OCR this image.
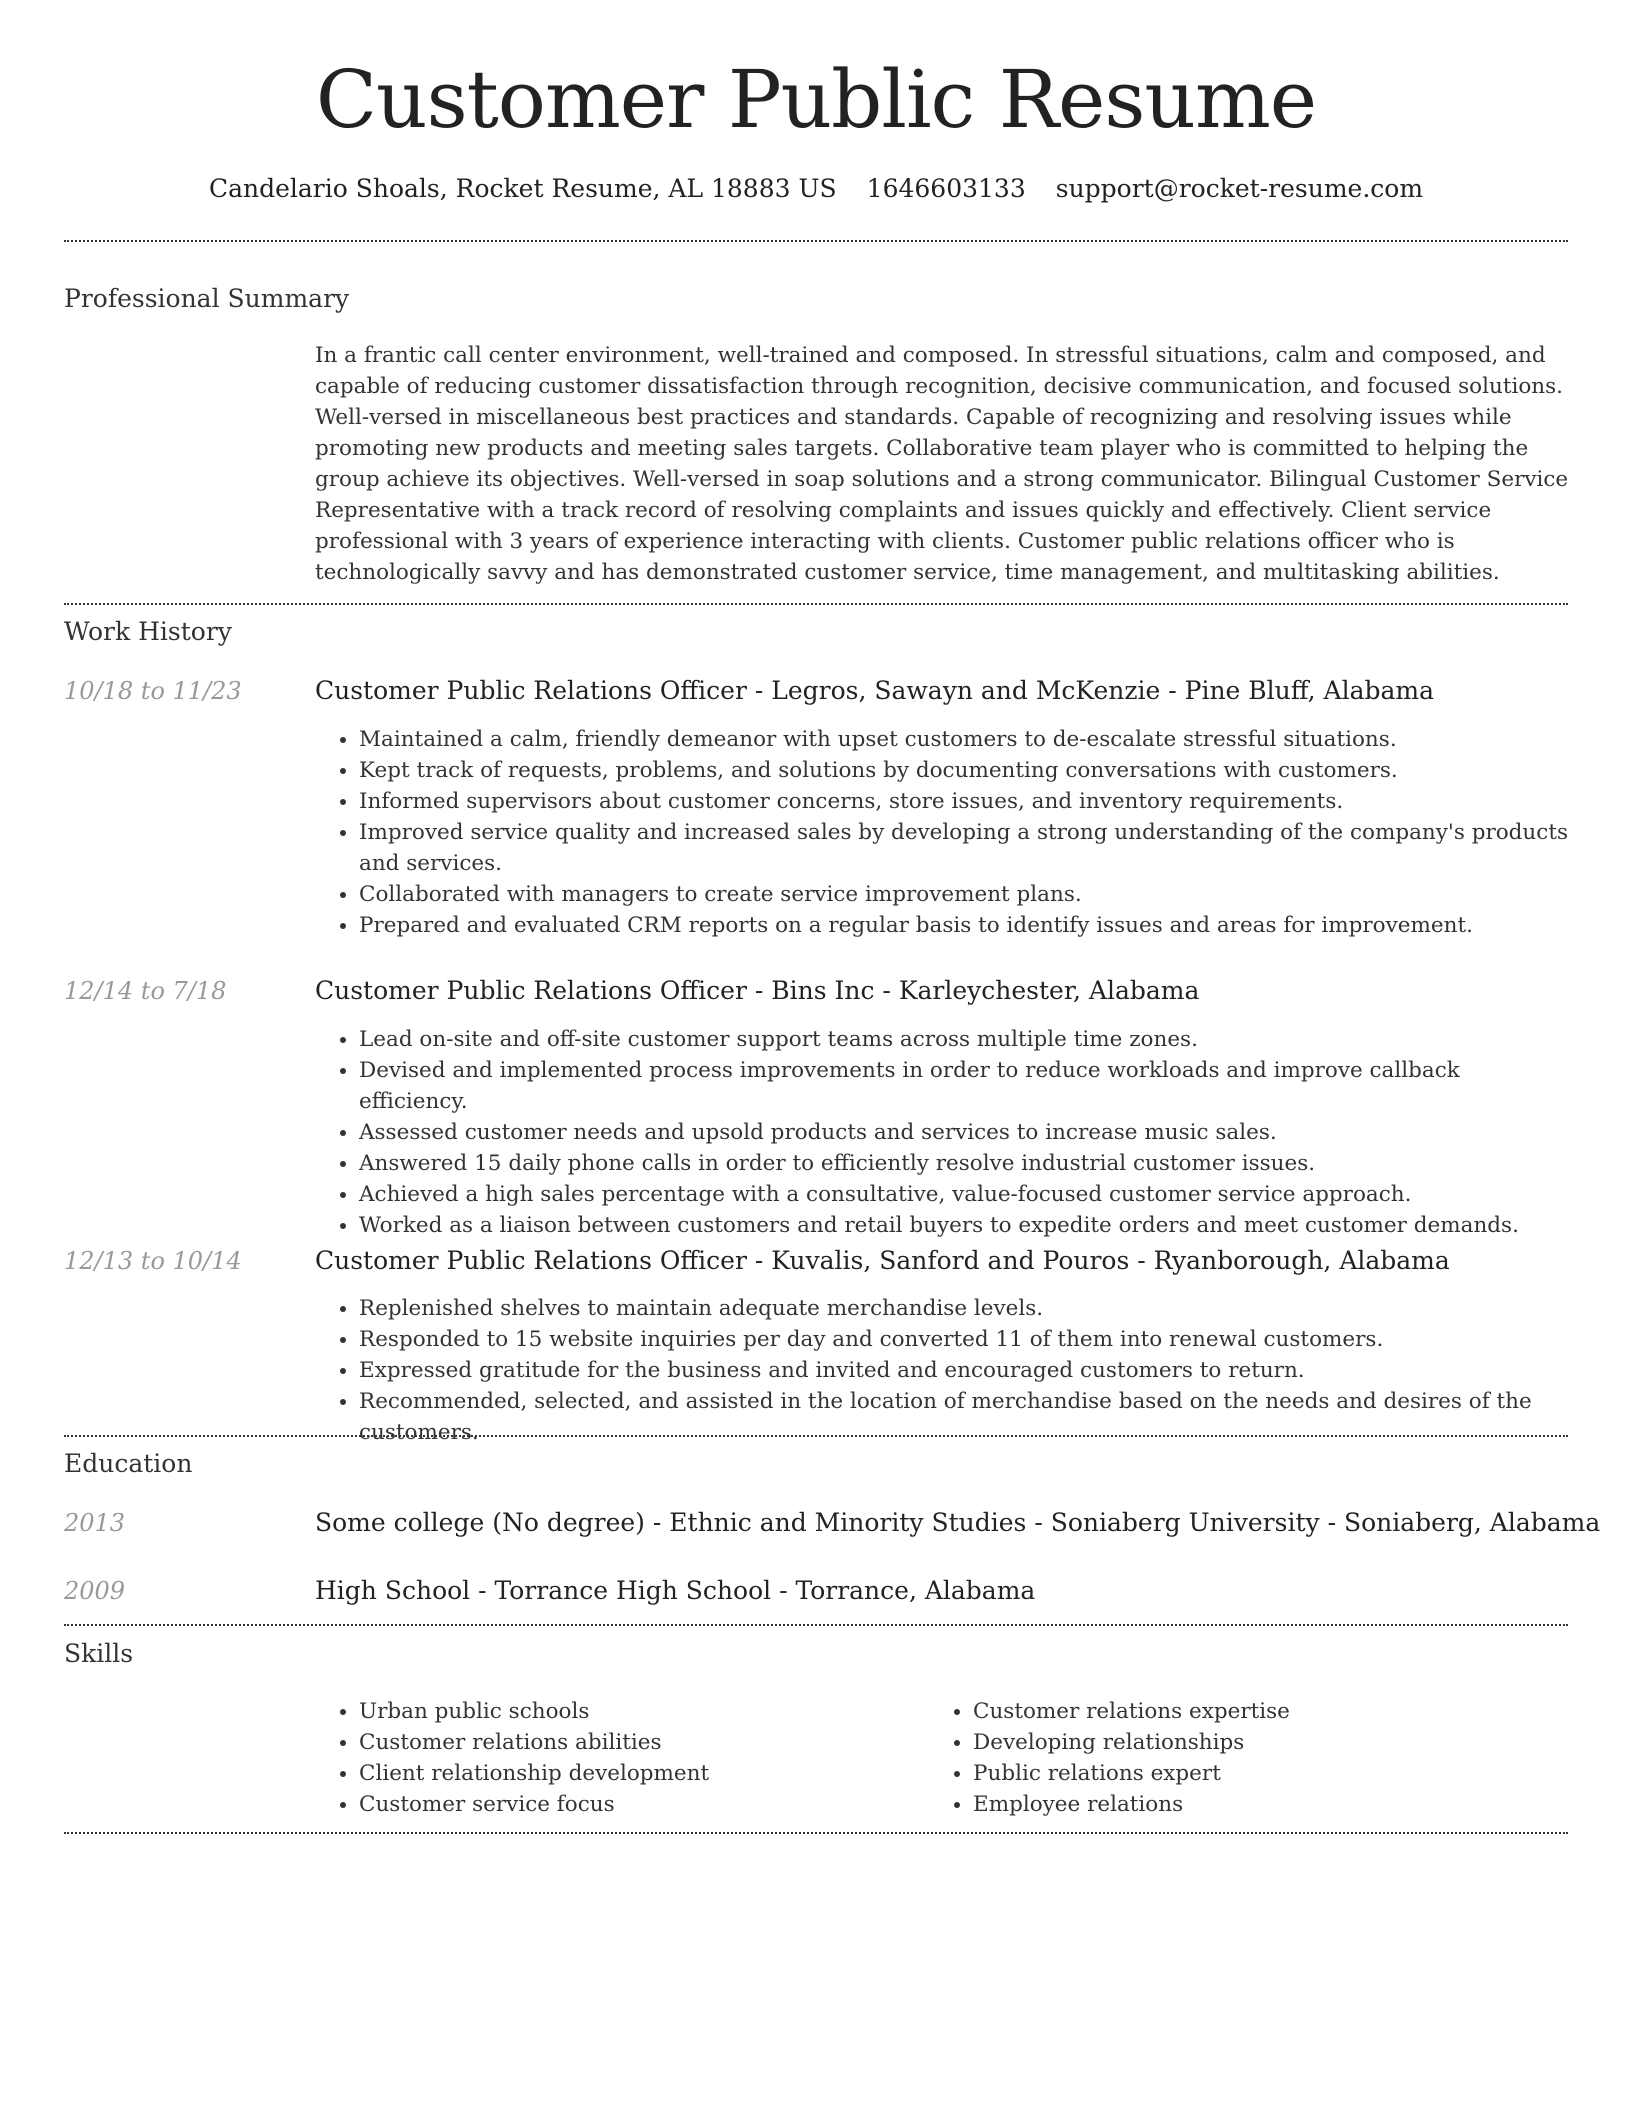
Customer Public Resume
Candelario Shoals, Rocket Resume, AL 18883 US 1646603133 support@rocket-resume.com
Professional Summary
In a frantic call center environment, well-trained and composed. In stressful situations, calm and composed, and capable of reducing customer dissatisfaction through recognition, decisive communication, and focused solutions. Well-versed in miscellaneous best practices and standards. Capable of recognizing and resolving issues while promoting new products and meeting sales targets. Collaborative team player who is committed to helping the group achieve its objectives. Well-versed in soap solutions and a strong communicator. Bilingual Customer Service Representative with a track record of resolving complaints and issues quickly and effectively. Client service professional with 3 years of experience interacting with clients. Customer public relations officer who is technologically savvy and has demonstrated customer service, time management, and multitasking abilities.
Work History
10/18 to 11/23	Customer Public Relations Officer - Legros, Sawayn and McKenzie - Pine Bluff, Alabama
• Maintained a calm, friendly demeanor with upset customers to de-escalate stressful situations.
• Kept track of requests, problems, and solutions by documenting conversations with customers.
• Informed supervisors about customer concerns, store issues, and inventory requirements.
• Improved service quality and increased sales by developing a strong understanding of the company's products and services.
• Collaborated with managers to create service improvement plans.
• Prepared and evaluated CRM reports on a regular basis to identify issues and areas for improvement.
12/14 to 7/18	Customer Public Relations Officer - Bins Inc - Karleychester, Alabama
• Lead on-site and off-site customer support teams across multiple time zones.
• Devised and implemented process improvements in order to reduce workloads and improve callback efficiency.
• Assessed customer needs and upsold products and services to increase music sales.
• Answered 15 daily phone calls in order to efficiently resolve industrial customer issues.
• Achieved a high sales percentage with a consultative, value-focused customer service approach.
• Worked as a liaison between customers and retail buyers to expedite orders and meet customer demands.
12/13 to 10/14	Customer Public Relations Officer - Kuvalis, Sanford and Pouros - Ryanborough, Alabama
• Replenished shelves to maintain adequate merchandise levels.
• Responded to 15 website inquiries per day and converted 11 of them into renewal customers.
• Expressed gratitude for the business and invited and encouraged customers to return.
• Recommended, selected, and assisted in the location of merchandise based on the needs and desires of the customers.
Education
2013	Some college (No degree) - Ethnic and Minority Studies - Soniaberg University - Soniaberg, Alabama
2009	High School - Torrance High School - Torrance, Alabama
Skills
• Urban public schools
• Customer relations abilities
• Client relationship development
• Customer service focus
• Customer relations expertise
• Developing relationships
• Public relations expert
• Employee relations
